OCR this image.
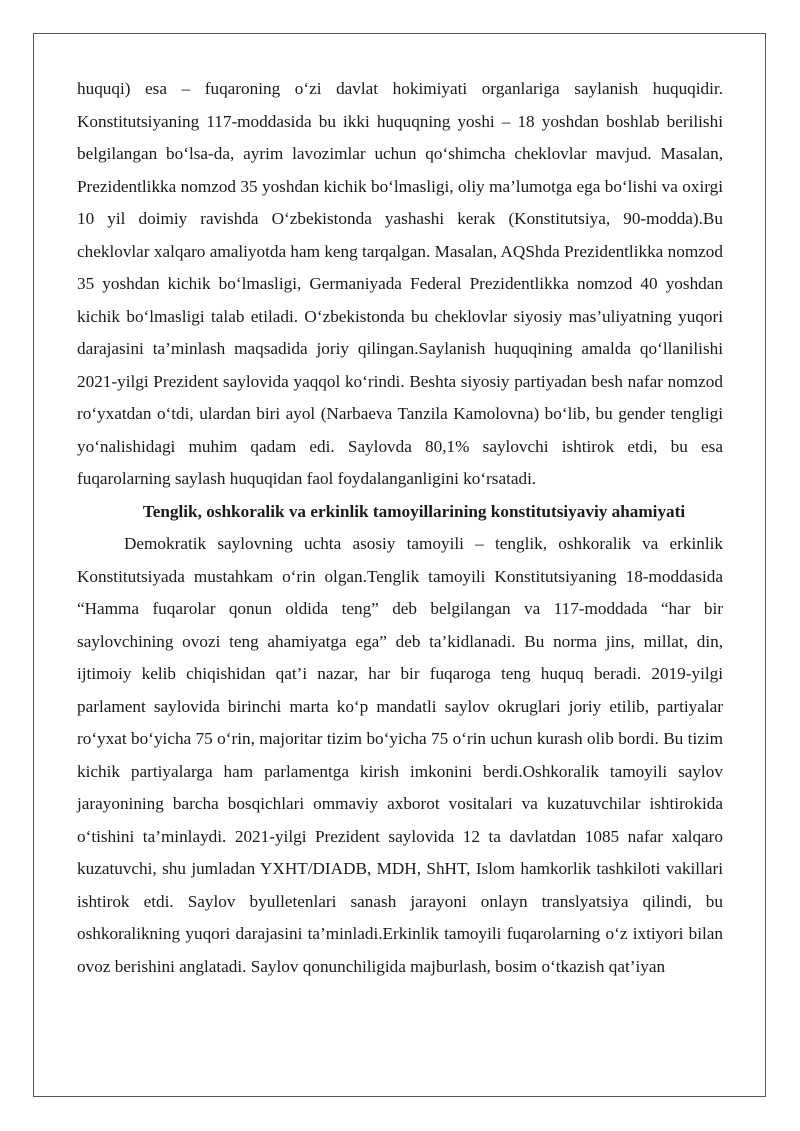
huquqi) esa – fuqaroning o‘zi davlat hokimiyati organlariga saylanish huquqidir. Konstitutsiyaning 117-moddasida bu ikki huquqning yoshi – 18 yoshdan boshlab berilishi belgilangan bo‘lsa-da, ayrim lavozimlar uchun qo‘shimcha cheklovlar mavjud. Masalan, Prezidentlikka nomzod 35 yoshdan kichik bo‘lmasligi, oliy ma’lumotga ega bo‘lishi va oxirgi 10 yil doimiy ravishda O‘zbekistonda yashashi kerak (Konstitutsiya, 90-modda).Bu cheklovlar xalqaro amaliyotda ham keng tarqalgan. Masalan, AQShda Prezidentlikka nomzod 35 yoshdan kichik bo‘lmasligi, Germaniyada Federal Prezidentlikka nomzod 40 yoshdan kichik bo‘lmasligi talab etiladi. O‘zbekistonda bu cheklovlar siyosiy mas’uliyatning yuqori darajasini ta’minlash maqsadida joriy qilingan.Saylanish huquqining amalda qo‘llanilishi 2021-yilgi Prezident saylovida yaqqol ko‘rindi. Beshta siyosiy partiyadan besh nafar nomzod ro‘yxatdan o‘tdi, ulardan biri ayol (Narbaeva Tanzila Kamolovna) bo‘lib, bu gender tengligi yo‘nalishidagi muhim qadam edi. Saylovda 80,1% saylovchi ishtirok etdi, bu esa fuqarolarning saylash huquqidan faol foydalanganligini ko‘rsatadi.

Tenglik, oshkoralik va erkinlik tamoyillarining konstitutsiyaviy ahamiyati

Demokratik saylovning uchta asosiy tamoyili – tenglik, oshkoralik va erkinlik Konstitutsiyada mustahkam o‘rin olgan.Tenglik tamoyili Konstitutsiyaning 18-moddasida “Hamma fuqarolar qonun oldida teng” deb belgilangan va 117-moddada “har bir saylovchining ovozi teng ahamiyatga ega” deb ta’kidlanadi. Bu norma jins, millat, din, ijtimoiy kelib chiqishidan qat’i nazar, har bir fuqaroga teng huquq beradi. 2019-yilgi parlament saylovida birinchi marta ko‘p mandatli saylov okruglari joriy etilib, partiyalar ro‘yxat bo‘yicha 75 o‘rin, majoritar tizim bo‘yicha 75 o‘rin uchun kurash olib bordi. Bu tizim kichik partiyalarga ham parlamentga kirish imkonini berdi.Oshkoralik tamoyili saylov jarayonining barcha bosqichlari ommaviy axborot vositalari va kuzatuvchilar ishtirokida o‘tishini ta’minlaydi. 2021-yilgi Prezident saylovida 12 ta davlatdan 1085 nafar xalqaro kuzatuvchi, shu jumladan YXHT/DIADB, MDH, ShHT, Islom hamkorlik tashkiloti vakillari ishtirok etdi. Saylov byulletenlari sanash jarayoni onlayn translyatsiya qilindi, bu oshkoralikning yuqori darajasini ta’minladi.Erkinlik tamoyili fuqarolarning o‘z ixtiyori bilan ovoz berishini anglatadi. Saylov qonunchiligida majburlash, bosim o‘tkazish qat’iyan
